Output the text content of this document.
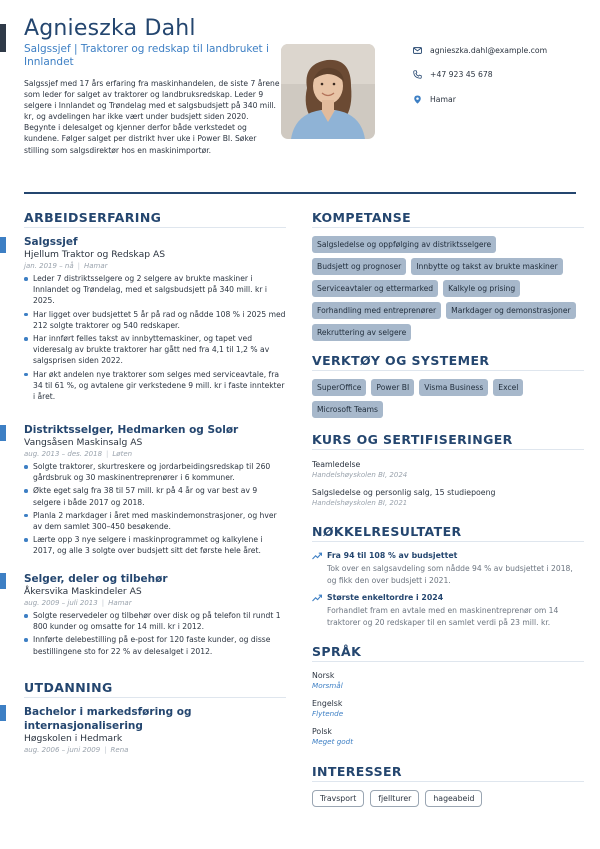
Agnieszka Dahl
Salgssjef | Traktorer og redskap til landbruket i Innlandet
Salgssjef med 17 års erfaring fra maskinhandelen, de siste 7 årene som leder for salget av traktorer og landbruksredskap. Leder 9 selgere i Innlandet og Trøndelag med et salgsbudsjett på 340 mill. kr, og avdelingen har ikke vært under budsjett siden 2020. Begynte i delesalget og kjenner derfor både verkstedet og kundene. Følger salget per distrikt hver uke i Power BI. Søker stilling som salgsdirektør hos en maskinimportør.
agnieszka.dahl@example.com
+47 923 45 678
Hamar
ARBEIDSERFARING
Salgssjef
Hjellum Traktor og Redskap AS
jan. 2019 – nå | Hamar
Leder 7 distriktsselgere og 2 selgere av brukte maskiner i Innlandet og Trøndelag, med et salgsbudsjett på 340 mill. kr i 2025.
Har ligget over budsjettet 5 år på rad og nådde 108 % i 2025 med 212 solgte traktorer og 540 redskaper.
Har innført felles takst av innbyttemaskiner, og tapet ved videresalg av brukte traktorer har gått ned fra 4,1 til 1,2 % av salgsprisen siden 2022.
Har økt andelen nye traktorer som selges med serviceavtale, fra 34 til 61 %, og avtalene gir verkstedene 9 mill. kr i faste inntekter i året.
Distriktsselger, Hedmarken og Solør
Vangsåsen Maskinsalg AS
aug. 2013 – des. 2018 | Løten
Solgte traktorer, skurtreskere og jordarbeidingsredskap til 260 gårdsbruk og 30 maskinentreprenører i 6 kommuner.
Økte eget salg fra 38 til 57 mill. kr på 4 år og var best av 9 selgere i både 2017 og 2018.
Planla 2 markdager i året med maskindemonstrasjoner, og hver av dem samlet 300–450 besøkende.
Lærte opp 3 nye selgere i maskinprogrammet og kalkylene i 2017, og alle 3 solgte over budsjett sitt det første hele året.
Selger, deler og tilbehør
Åkersvika Maskindeler AS
aug. 2009 – juli 2013 | Hamar
Solgte reservedeler og tilbehør over disk og på telefon til rundt 1 800 kunder og omsatte for 14 mill. kr i 2012.
Innførte delebestilling på e-post for 120 faste kunder, og disse bestillingene sto for 22 % av delesalget i 2012.
UTDANNING
Bachelor i markedsføring og internasjonalisering
Høgskolen i Hedmark
aug. 2006 – juni 2009 | Rena
KOMPETANSE
Salgsledelse og oppfølging av distriktsselgere
Budsjett og prognoser	Innbytte og takst av brukte maskiner
Serviceavtaler og ettermarked	Kalkyle og prising
Forhandling med entreprenører	Markdager og demonstrasjoner
Rekruttering av selgere
VERKTØY OG SYSTEMER
SuperOffice	Power BI	Visma Business	Excel
Microsoft Teams
KURS OG SERTIFISERINGER
Teamledelse
Handelshøyskolen BI, 2024
Salgsledelse og personlig salg, 15 studiepoeng
Handelshøyskolen BI, 2021
NØKKELRESULTATER
Fra 94 til 108 % av budsjettet
Tok over en salgsavdeling som nådde 94 % av budsjettet i 2018, og fikk den over budsjett i 2021.
Største enkeltordre i 2024
Forhandlet fram en avtale med en maskinentreprenør om 14 traktorer og 20 redskaper til en samlet verdi på 23 mill. kr.
SPRÅK
Norsk
Morsmål
Engelsk
Flytende
Polsk
Meget godt
INTERESSER
Travsport	fjellturer	hageabeid
